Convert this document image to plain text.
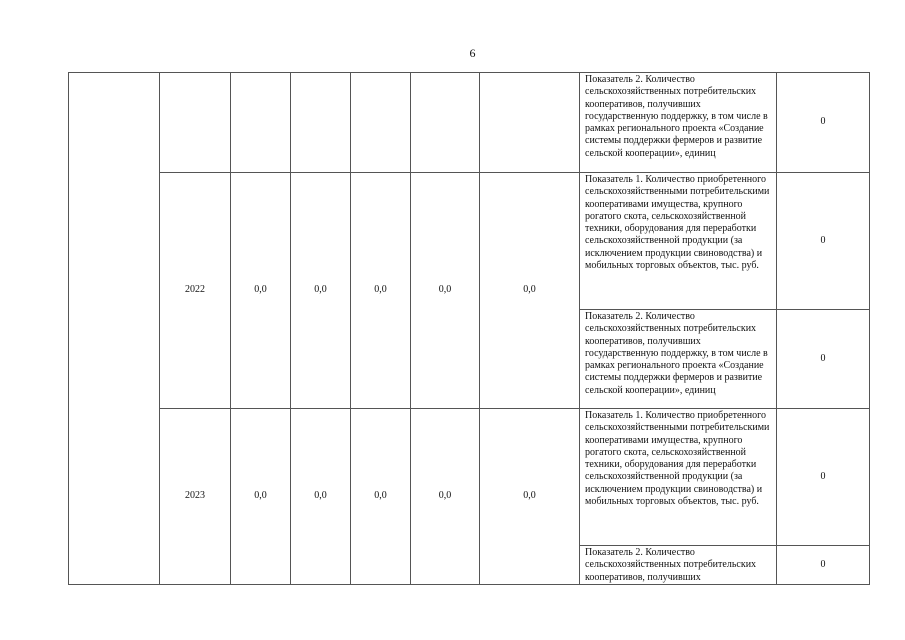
6
							Показатель 2. Количество сельскохозяйственных потребительских кооперативов, получивших государственную поддержку, в том числе в рамках регионального проекта «Создание системы поддержки фермеров и развитие сельской кооперации», единиц	0
	2022	0,0	0,0	0,0	0,0	0,0	Показатель 1. Количество приобретенного сельскохозяйственными потребительскими кооперативами имущества, крупного рогатого скота, сельскохозяйственной техники, оборудования для переработки сельскохозяйственной продукции (за исключением продукции свиноводства) и мобильных торговых объектов, тыс. руб.	0
							Показатель 2. Количество сельскохозяйственных потребительских кооперативов, получивших государственную поддержку, в том числе в рамках регионального проекта «Создание системы поддержки фермеров и развитие сельской кооперации», единиц	0
	2023	0,0	0,0	0,0	0,0	0,0	Показатель 1. Количество приобретенного сельскохозяйственными потребительскими кооперативами имущества, крупного рогатого скота, сельскохозяйственной техники, оборудования для переработки сельскохозяйственной продукции (за исключением продукции свиноводства) и мобильных торговых объектов, тыс. руб.	0
							Показатель 2. Количество сельскохозяйственных потребительских кооперативов, получивших	0
